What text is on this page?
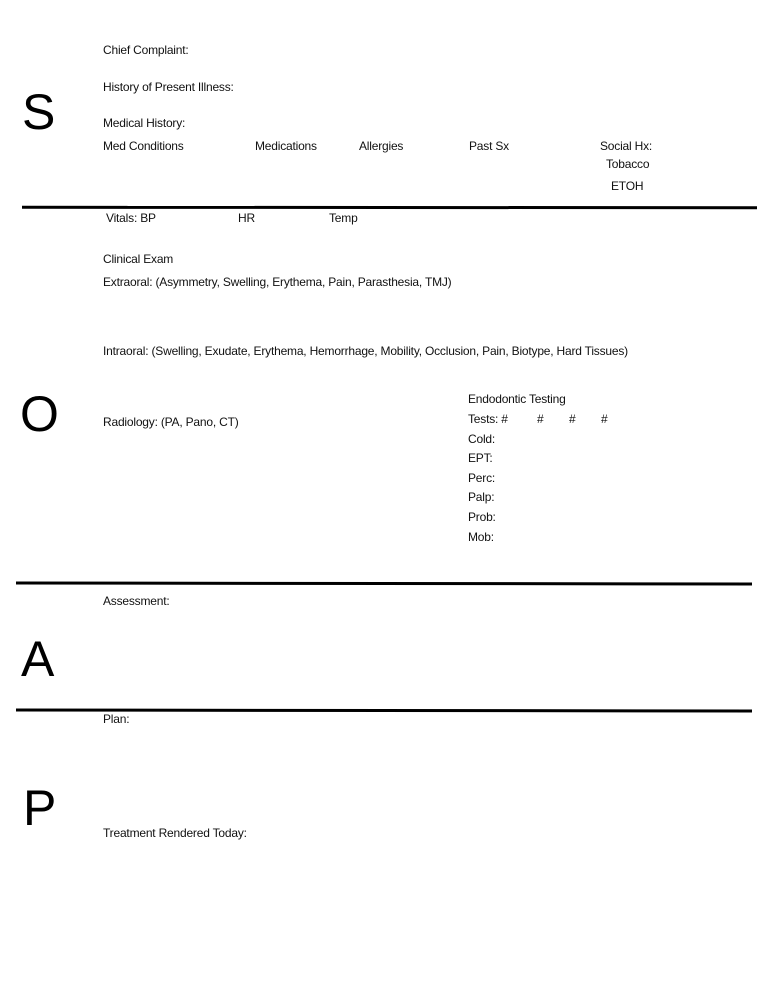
S
O
A
P
Chief Complaint:
History of Present Illness:
Medical History:
Med Conditions	Medications	Allergies	Past Sx	Social Hx:
Tobacco
ETOH
Vitals: BP	HR	Temp
Clinical Exam
Extraoral: (Asymmetry, Swelling, Erythema, Pain, Parasthesia, TMJ)
Intraoral: (Swelling, Exudate, Erythema, Hemorrhage, Mobility, Occlusion, Pain, Biotype, Hard Tissues)
Radiology: (PA, Pano, CT)
Endodontic Testing
Tests: # # # #
Cold:
EPT:
Perc:
Palp:
Prob:
Mob:
Assessment:
Plan:
Treatment Rendered Today:
